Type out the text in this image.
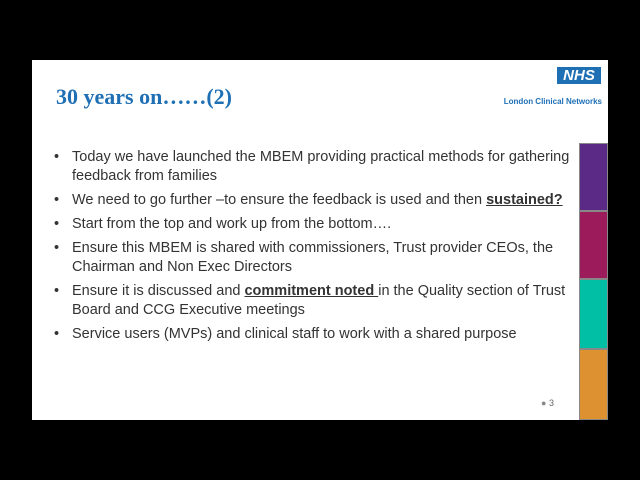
30 years on……(2)
NHS
London Clinical Networks
• Today we have launched the MBEM providing practical methods for gathering feedback from families
• We need to go further –to ensure the feedback is used and then sustained?
• Start from the top and work up from the bottom….
• Ensure this MBEM is shared with commissioners, Trust provider CEOs, the Chairman and Non Exec Directors
• Ensure it is discussed and commitment noted in the Quality section of Trust Board and CCG Executive meetings
• Service users (MVPs) and clinical staff to work with a shared purpose
● 3
